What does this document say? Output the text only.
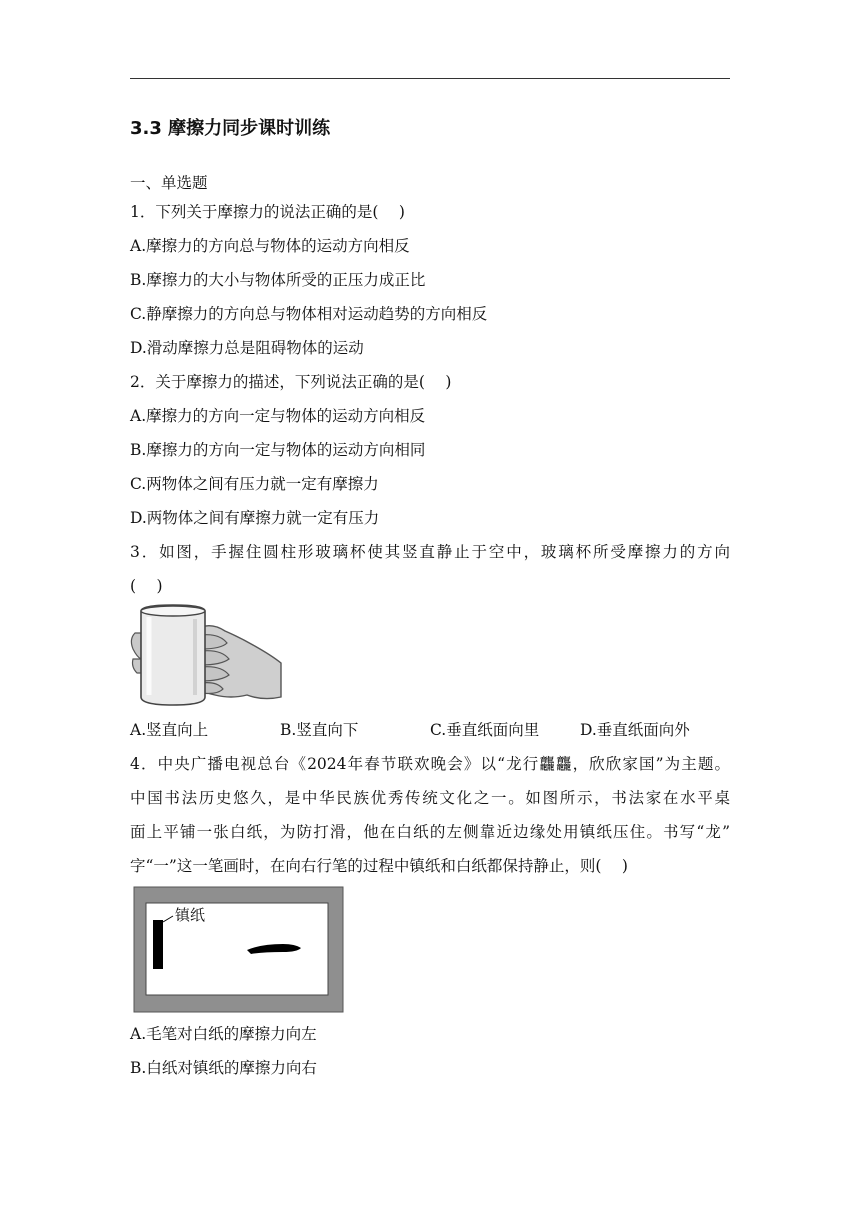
3.3 摩擦力同步课时训练
一、单选题
1．下列关于摩擦力的说法正确的是(　 )
A.摩擦力的方向总与物体的运动方向相反
B.摩擦力的大小与物体所受的正压力成正比
C.静摩擦力的方向总与物体相对运动趋势的方向相反
D.滑动摩擦力总是阻碍物体的运动
2．关于摩擦力的描述，下列说法正确的是(　 )
A.摩擦力的方向一定与物体的运动方向相反
B.摩擦力的方向一定与物体的运动方向相同
C.两物体之间有压力就一定有摩擦力
D.两物体之间有摩擦力就一定有压力
3．如图，手握住圆柱形玻璃杯使其竖直静止于空中，玻璃杯所受摩擦力的方向
(　 )
A.竖直向上	B.竖直向下	C.垂直纸面向里	D.垂直纸面向外
4．中央广播电视总台《2024年春节联欢晚会》以“龙行龘龘，欣欣家国”为主题。
中国书法历史悠久，是中华民族优秀传统文化之一。如图所示，书法家在水平桌
面上平铺一张白纸，为防打滑，他在白纸的左侧靠近边缘处用镇纸压住。书写“龙”
字“一”这一笔画时，在向右行笔的过程中镇纸和白纸都保持静止，则(　 )
镇纸
A.毛笔对白纸的摩擦力向左
B.白纸对镇纸的摩擦力向右
